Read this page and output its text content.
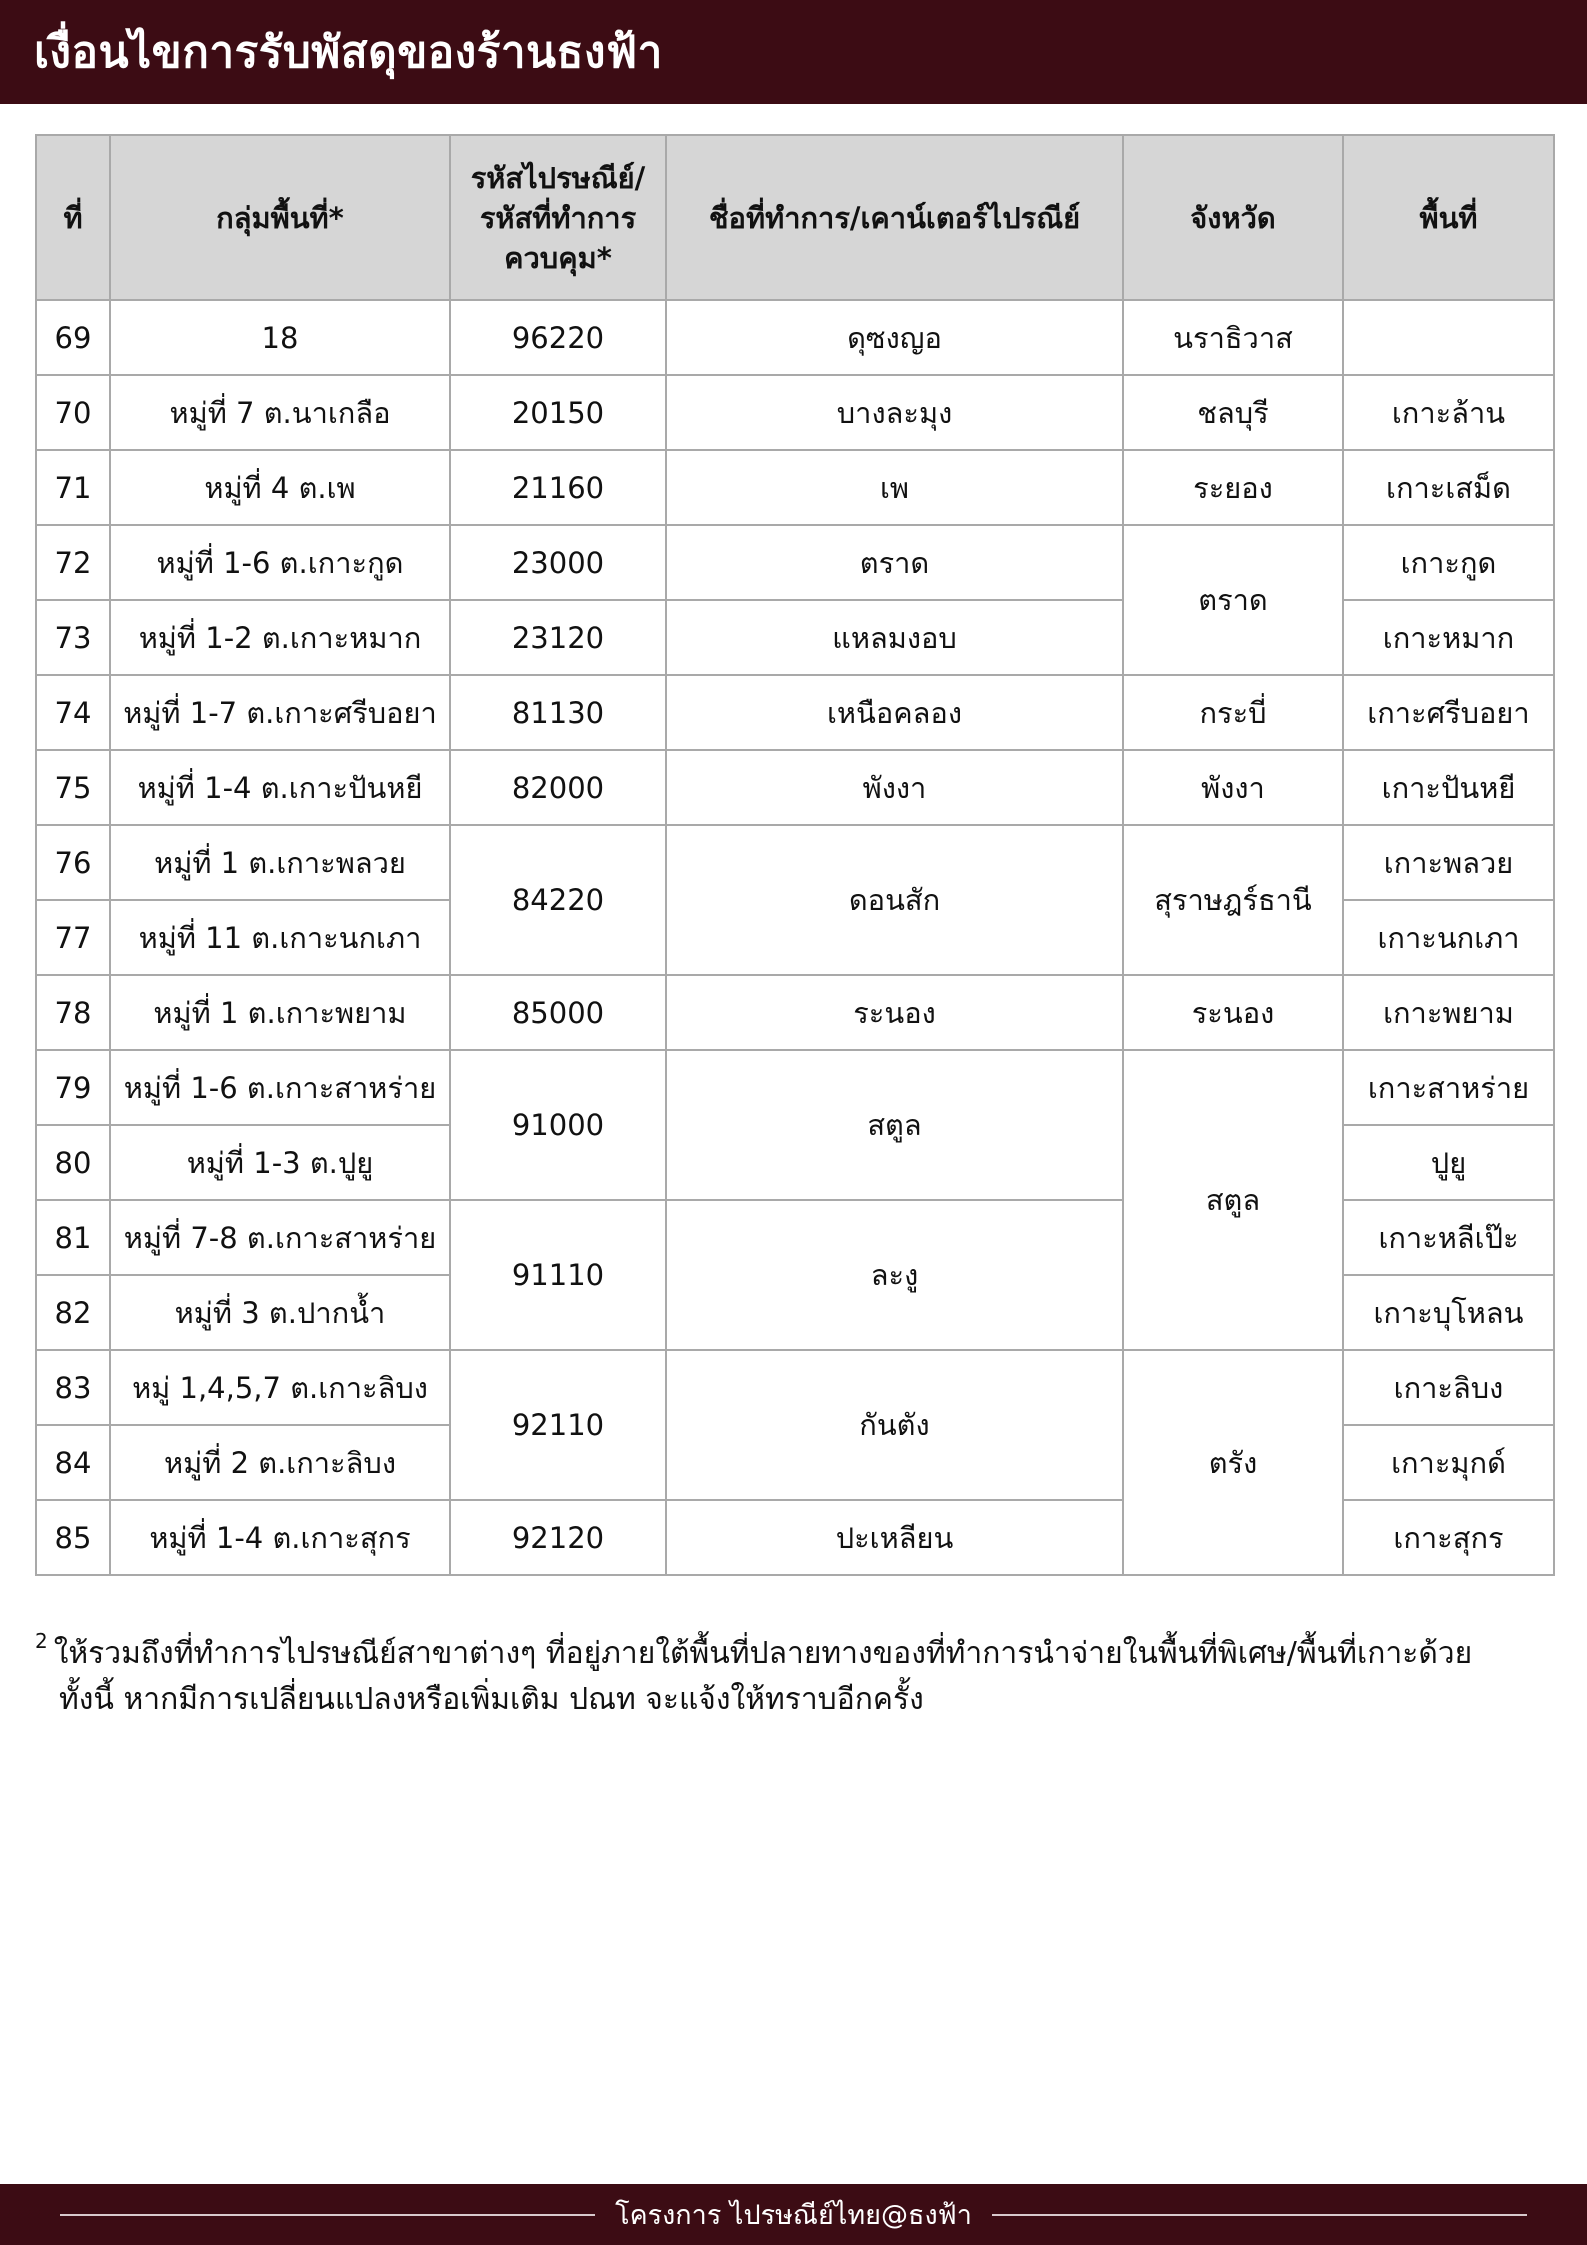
เงื่อนไขการรับพัสดุของร้านธงฟ้า
ที่	กลุ่มพื้นที่*	รหัสไปรษณีย์/ รหัสที่ทำการควบคุม*	ชื่อที่ทำการ/เคาน์เตอร์ไปรณีย์	จังหวัด	พื้นที่
69	18	96220	ดุซงญอ	นราธิวาส	
70	หมู่ที่ 7 ต.นาเกลือ	20150	บางละมุง	ชลบุรี	เกาะล้าน
71	หมู่ที่ 4 ต.เพ	21160	เพ	ระยอง	เกาะเสม็ด
72	หมู่ที่ 1-6 ต.เกาะกูด	23000	ตราด	ตราด	เกาะกูด
73	หมู่ที่ 1-2 ต.เกาะหมาก	23120	แหลมงอบ		เกาะหมาก
74	หมู่ที่ 1-7 ต.เกาะศรีบอยา	81130	เหนือคลอง	กระบี่	เกาะศรีบอยา
75	หมู่ที่ 1-4 ต.เกาะปันหยี	82000	พังงา	พังงา	เกาะปันหยี
76	หมู่ที่ 1 ต.เกาะพลวย	84220	ดอนสัก	สุราษฎร์ธานี	เกาะพลวย
77	หมู่ที่ 11 ต.เกาะนกเภา				เกาะนกเภา
78	หมู่ที่ 1 ต.เกาะพยาม	85000	ระนอง	ระนอง	เกาะพยาม
79	หมู่ที่ 1-6 ต.เกาะสาหร่าย	91000	สตูล	สตูล	เกาะสาหร่าย
80	หมู่ที่ 1-3 ต.ปูยู				ปูยู
81	หมู่ที่ 7-8 ต.เกาะสาหร่าย	91110	ละงู		เกาะหลีเป๊ะ
82	หมู่ที่ 3 ต.ปากน้ำ				เกาะบุโหลน
83	หมู่ 1,4,5,7 ต.เกาะลิบง	92110	กันตัง	ตรัง	เกาะลิบง
84	หมู่ที่ 2 ต.เกาะลิบง				เกาะมุกด์
85	หมู่ที่ 1-4 ต.เกาะสุกร	92120	ปะเหลียน		เกาะสุกร
$^2$ ให้รวมถึงที่ทำการไปรษณีย์สาขาต่างๆ ที่อยู่ภายใต้พื้นที่ปลายทางของที่ทำการนำจ่ายในพื้นที่พิเศษ/พื้นที่เกาะด้วย
ทั้งนี้ หากมีการเปลี่ยนแปลงหรือเพิ่มเติม ปณท จะแจ้งให้ทราบอีกครั้ง
โครงการ ไปรษณีย์ไทย@ธงฟ้า
